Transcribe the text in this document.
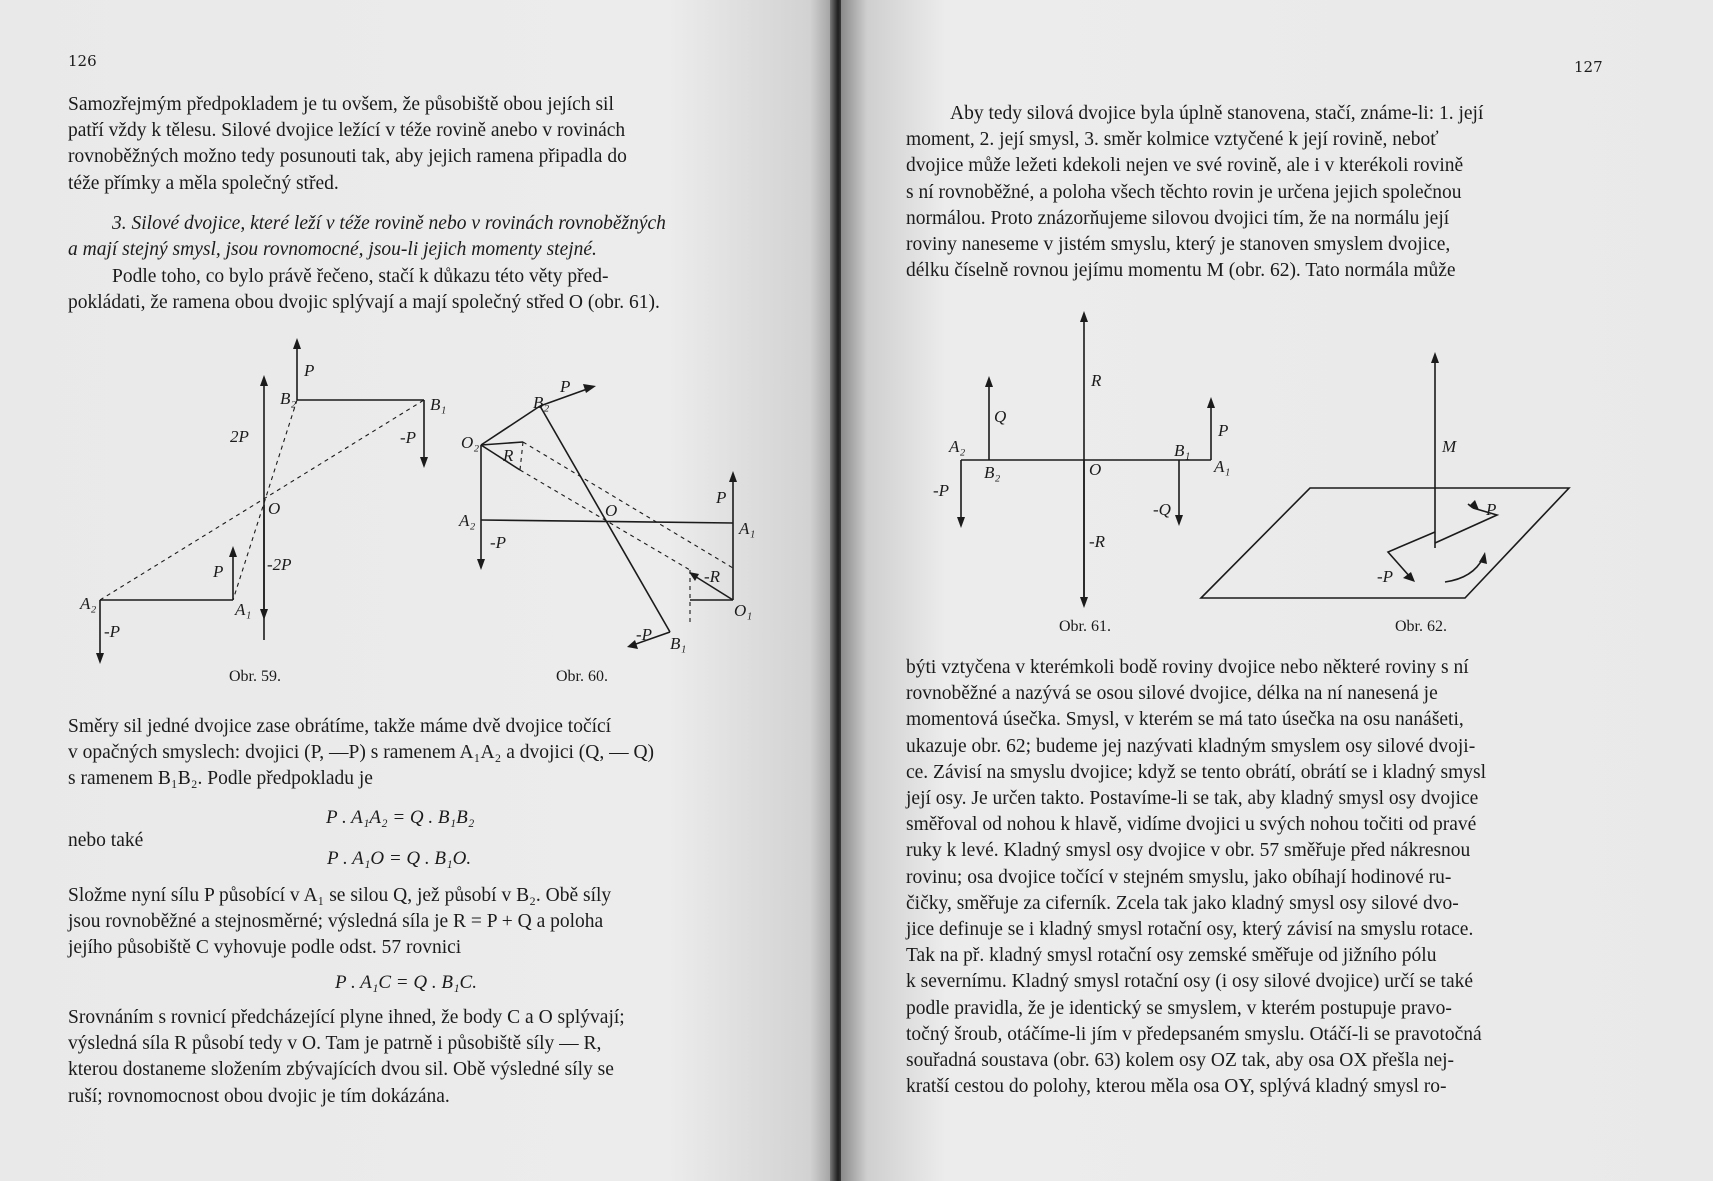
126
Samozřejmým předpokladem je tu ovšem, že působiště obou jejích sil
patří vždy k tělesu. Silové dvojice ležící v téže rovině anebo v rovinách
rovnoběžných možno tedy posunouti tak, aby jejich ramena připadla do
téže přímky a měla společný střed.
3. Silové dvojice, které leží v téže rovině nebo v rovinách rovnoběžných
a mají stejný smysl, jsou rovnomocné, jsou-li jejich momenty stejné.
Podle toho, co bylo právě řečeno, stačí k důkazu této věty před-
pokládati, že ramena obou dvojic splývají a mají společný střed O (obr. 61).
P
B₂	B₁
2P	-P
O
P	-2P
A₂	A₁
-P
Obr. 59.
P
B₂
O₂
R
A₂
-P
O
P
A₁
-R
O₁
-P B₁
Obr. 60.
Směry sil jedné dvojice zase obrátíme, takže máme dvě dvojice točící
v opačných smyslech: dvojici (P, —P) s ramenem A₁A₂ a dvojici (Q, — Q)
s ramenem B₁B₂. Podle předpokladu je
P . A₁A₂ = Q . B₁B₂
nebo také
P . A₁O = Q . B₁O.
Složme nyní sílu P působící v A₁ se silou Q, jež působí v B₂. Obě síly
jsou rovnoběžné a stejnosměrné; výsledná síla je R = P + Q a poloha
jejího působiště C vyhovuje podle odst. 57 rovnici
P . A₁C = Q . B₁C.
Srovnáním s rovnicí předcházející plyne ihned, že body C a O splývají;
výsledná síla R působí tedy v O. Tam je patrně i působiště síly — R,
kterou dostaneme složením zbývajících dvou sil. Obě výsledné síly se
ruší; rovnomocnost obou dvojic je tím dokázána.
127
Aby tedy silová dvojice byla úplně stanovena, stačí, známe-li: 1. její
moment, 2. její smysl, 3. směr kolmice vztyčené k její rovině, neboť
dvojice může ležeti kdekoli nejen ve své rovině, ale i v kterékoli rovině
s ní rovnoběžné, a poloha všech těchto rovin je určena jejich společnou
normálou. Proto znázorňujeme silovou dvojici tím, že na normálu její
roviny naneseme v jistém smyslu, který je stanoven smyslem dvojice,
délku číselně rovnou jejímu momentu M (obr. 62). Tato normála může
R
Q
P
A₂
B₂	O
B₁
A₁
-P
-Q
-R
Obr. 61.
M
P
-P
Obr. 62.
býti vztyčena v kterémkoli bodě roviny dvojice nebo některé roviny s ní
rovnoběžné a nazývá se osou silové dvojice, délka na ní nanesená je
momentová úsečka. Smysl, v kterém se má tato úsečka na osu nanášeti,
ukazuje obr. 62; budeme jej nazývati kladným smyslem osy silové dvoji-
ce. Závisí na smyslu dvojice; když se tento obrátí, obrátí se i kladný smysl
její osy. Je určen takto. Postavíme-li se tak, aby kladný smysl osy dvojice
směřoval od nohou k hlavě, vidíme dvojici u svých nohou točiti od pravé
ruky k levé. Kladný smysl osy dvojice v obr. 57 směřuje před nákresnou
rovinu; osa dvojice točící v stejném smyslu, jako obíhají hodinové ru-
čičky, směřuje za ciferník. Zcela tak jako kladný smysl osy silové dvo-
jice definuje se i kladný smysl rotační osy, který závisí na smyslu rotace.
Tak na př. kladný smysl rotační osy zemské směřuje od jižního pólu
k severnímu. Kladný smysl rotační osy (i osy silové dvojice) určí se také
podle pravidla, že je identický se smyslem, v kterém postupuje pravo-
točný šroub, otáčíme-li jím v předepsaném smyslu. Otáčí-li se pravotočná
souřadná soustava (obr. 63) kolem osy OZ tak, aby osa OX přešla nej-
kratší cestou do polohy, kterou měla osa OY, splývá kladný smysl ro-
